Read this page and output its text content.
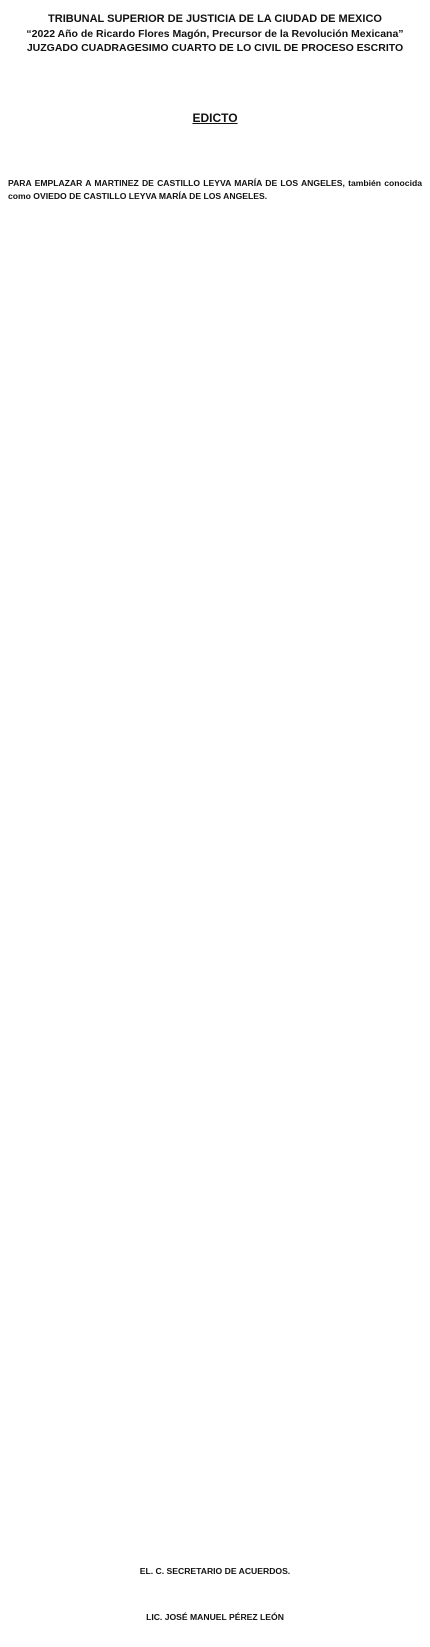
TRIBUNAL SUPERIOR DE JUSTICIA DE LA CIUDAD DE MEXICO

“2022 Año de Ricardo Flores Magón, Precursor de la Revolución Mexicana”

JUZGADO CUADRAGESIMO CUARTO DE LO CIVIL DE PROCESO ESCRITO

EDICTO

PARA EMPLAZAR A MARTINEZ DE CASTILLO LEYVA MARÍA DE LOS ANGELES, también conocida como OVIEDO DE CASTILLO LEYVA MARÍA DE LOS ANGELES.

EL. C. SECRETARIO DE ACUERDOS.

LIC. JOSÉ MANUEL PÉREZ LEÓN
